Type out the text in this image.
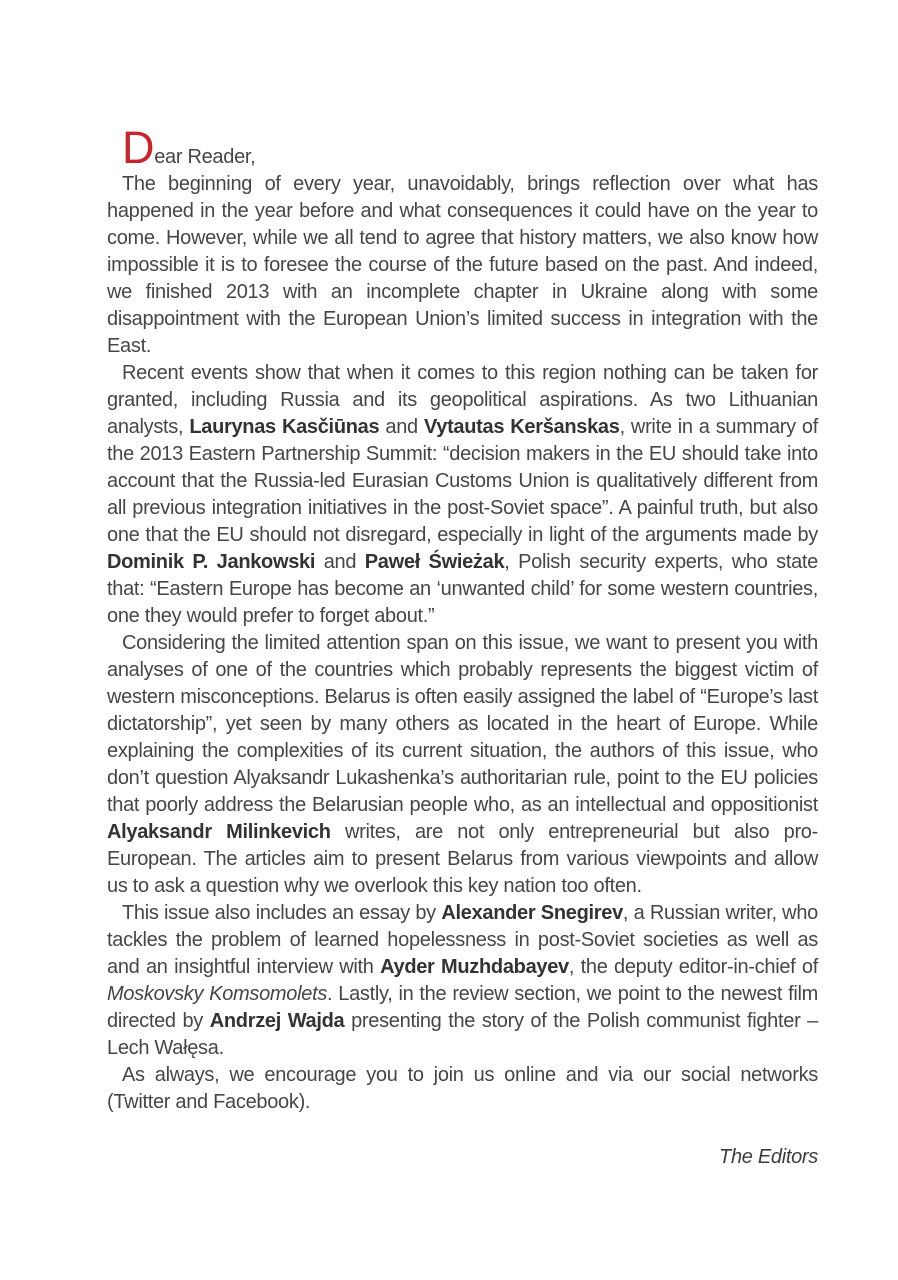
Dear Reader,

The beginning of every year, unavoidably, brings reflection over what has happened in the year before and what consequences it could have on the year to come. However, while we all tend to agree that history matters, we also know how impossible it is to foresee the course of the future based on the past. And indeed, we finished 2013 with an incomplete chapter in Ukraine along with some disappointment with the European Union’s limited success in integration with the East.

Recent events show that when it comes to this region nothing can be taken for granted, including Russia and its geopolitical aspirations. As two Lithuanian analysts, Laurynas Kasčiūnas and Vytautas Keršanskas, write in a summary of the 2013 Eastern Partnership Summit: “decision makers in the EU should take into account that the Russia-led Eurasian Customs Union is qualitatively different from all previous integration initiatives in the post-Soviet space”. A painful truth, but also one that the EU should not disregard, especially in light of the arguments made by Dominik P. Jankowski and Paweł Świeżak, Polish security experts, who state that: “Eastern Europe has become an ‘unwanted child’ for some western countries, one they would prefer to forget about.”

Considering the limited attention span on this issue, we want to present you with analyses of one of the countries which probably represents the biggest victim of western misconceptions. Belarus is often easily assigned the label of “Europe’s last dictatorship”, yet seen by many others as located in the heart of Europe. While explaining the complexities of its current situation, the authors of this issue, who don’t question Alyaksandr Lukashenka’s authoritarian rule, point to the EU policies that poorly address the Belarusian people who, as an intellectual and oppositionist Alyaksandr Milinkevich writes, are not only entrepreneurial but also pro-European. The articles aim to present Belarus from various viewpoints and allow us to ask a question why we overlook this key nation too often.

This issue also includes an essay by Alexander Snegirev, a Russian writer, who tackles the problem of learned hopelessness in post-Soviet societies as well as and an insightful interview with Ayder Muzhdabayev, the deputy editor-in-chief of Moskovsky Komsomolets. Lastly, in the review section, we point to the newest film directed by Andrzej Wajda presenting the story of the Polish communist fighter – Lech Wałęsa.

As always, we encourage you to join us online and via our social networks (Twitter and Facebook).

The Editors
